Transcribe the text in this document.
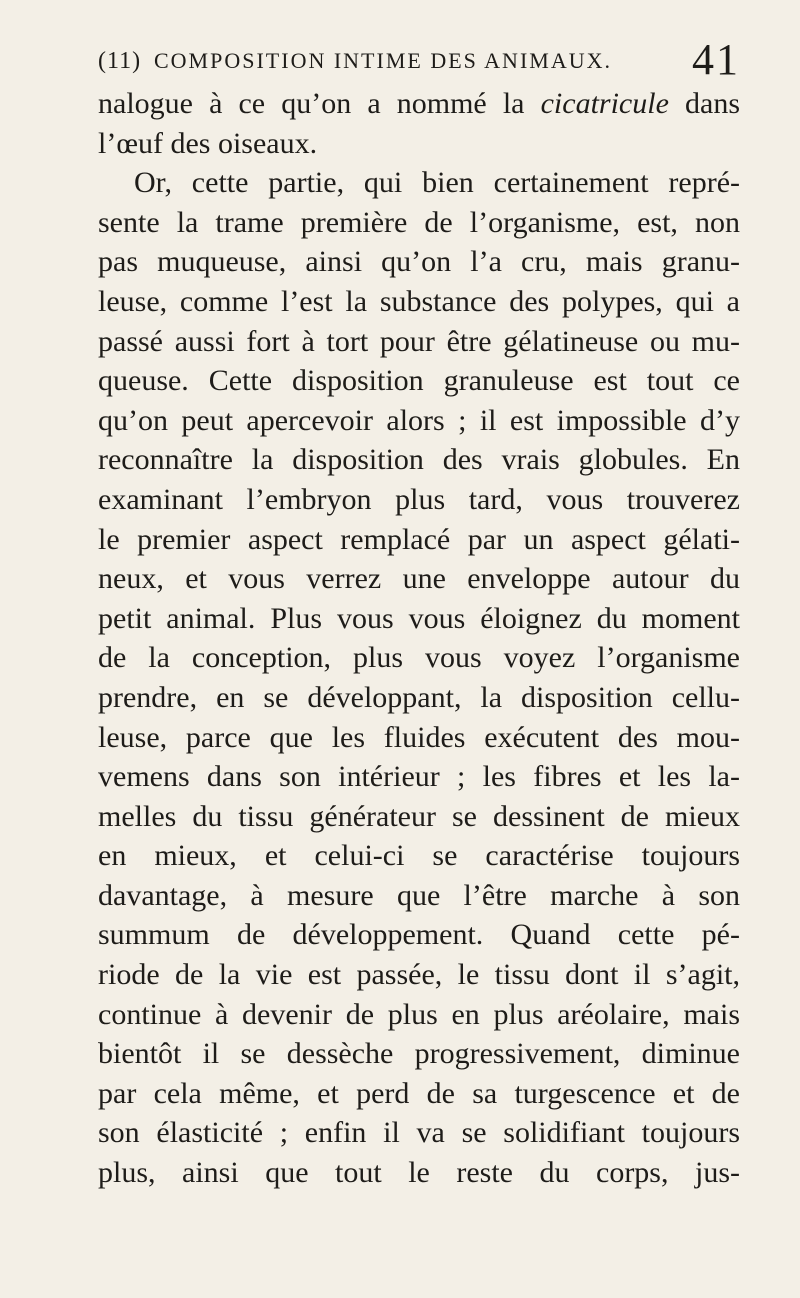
(11) COMPOSITION INTIME DES ANIMAUX. 41
nalogue à ce qu’on a nommé la cicatricule dans
l’œuf des oiseaux.
Or, cette partie, qui bien certainement repré-
sente la trame première de l’organisme, est, non
pas muqueuse, ainsi qu’on l’a cru, mais granu-
leuse, comme l’est la substance des polypes, qui a
passé aussi fort à tort pour être gélatineuse ou mu-
queuse. Cette disposition granuleuse est tout ce
qu’on peut apercevoir alors ; il est impossible d’y
reconnaître la disposition des vrais globules. En
examinant l’embryon plus tard, vous trouverez
le premier aspect remplacé par un aspect gélati-
neux, et vous verrez une enveloppe autour du
petit animal. Plus vous vous éloignez du moment
de la conception, plus vous voyez l’organisme
prendre, en se développant, la disposition cellu-
leuse, parce que les fluides exécutent des mou-
vemens dans son intérieur ; les fibres et les la-
melles du tissu générateur se dessinent de mieux
en mieux, et celui-ci se caractérise toujours
davantage, à mesure que l’être marche à son
summum de développement. Quand cette pé-
riode de la vie est passée, le tissu dont il s’agit,
continue à devenir de plus en plus aréolaire, mais
bientôt il se dessèche progressivement, diminue
par cela même, et perd de sa turgescence et de
son élasticité ; enfin il va se solidifiant toujours
plus, ainsi que tout le reste du corps, jus-
